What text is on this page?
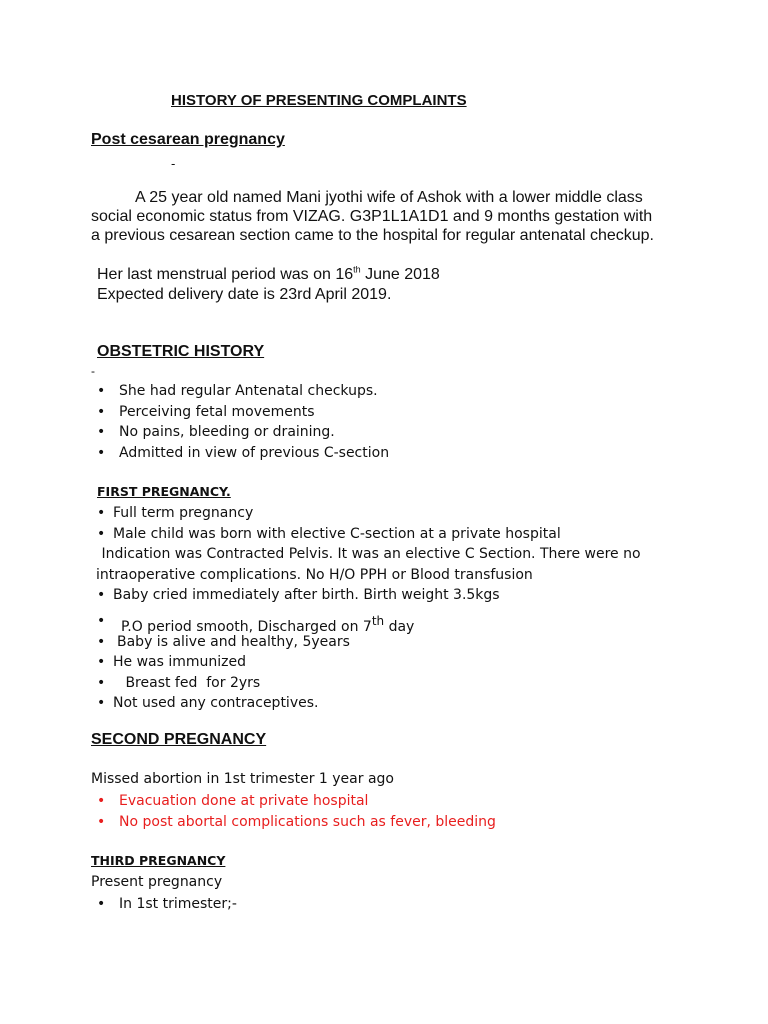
HISTORY OF PRESENTING COMPLAINTS
Post cesarean pregnancy
-
A 25 year old named Mani jyothi wife of Ashok with a lower middle class
social economic status from VIZAG. G3P1L1A1D1 and 9 months gestation with
a previous cesarean section came to the hospital for regular antenatal checkup.
Her last menstrual period was on 16th June 2018
Expected delivery date is 23rd April 2019.
OBSTETRIC HISTORY
-
• She had regular Antenatal checkups.
• Perceiving fetal movements
• No pains, bleeding or draining.
• Admitted in view of previous C-section
FIRST PREGNANCY.
• Full term pregnancy
• Male child was born with elective C-section at a private hospital
Indication was Contracted Pelvis. It was an elective C Section. There were no
intraoperative complications. No H/O PPH or Blood transfusion
• Baby cried immediately after birth. Birth weight 3.5kgs
• P.O period smooth, Discharged on 7th day
• Baby is alive and healthy, 5years
• He was immunized
• Breast fed  for 2yrs
• Not used any contraceptives.
SECOND PREGNANCY
Missed abortion in 1st trimester 1 year ago
• Evacuation done at private hospital
• No post abortal complications such as fever, bleeding
THIRD PREGNANCY
Present pregnancy
• In 1st trimester;-
